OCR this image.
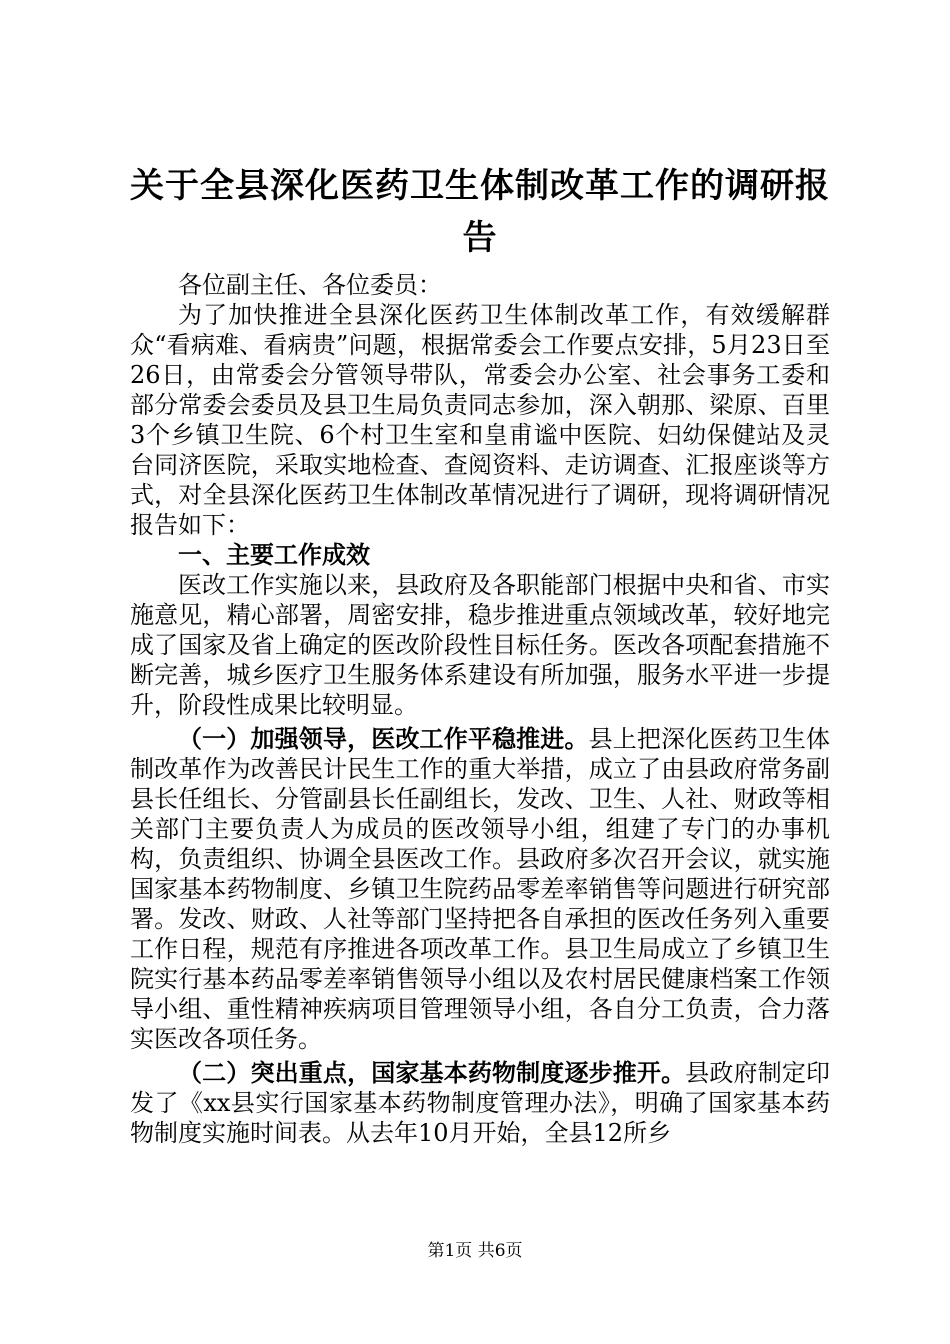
关于全县深化医药卫生体制改革工作的调研报
告

各位副主任、各位委员：

为了加快推进全县深化医药卫生体制改革工作，有效缓解群众“看病难、看病贵”问题，根据常委会工作要点安排，5月23日至26日，由常委会分管领导带队，常委会办公室、社会事务工委和部分常委会委员及县卫生局负责同志参加，深入朝那、梁原、百里3个乡镇卫生院、6个村卫生室和皇甫谧中医院、妇幼保健站及灵台同济医院，采取实地检查、查阅资料、走访调查、汇报座谈等方式，对全县深化医药卫生体制改革情况进行了调研，现将调研情况报告如下：

一、主要工作成效

医改工作实施以来，县政府及各职能部门根据中央和省、市实施意见，精心部署，周密安排，稳步推进重点领域改革，较好地完成了国家及省上确定的医改阶段性目标任务。医改各项配套措施不断完善，城乡医疗卫生服务体系建设有所加强，服务水平进一步提升，阶段性成果比较明显。

（一）加强领导，医改工作平稳推进。县上把深化医药卫生体制改革作为改善民计民生工作的重大举措，成立了由县政府常务副县长任组长、分管副县长任副组长，发改、卫生、人社、财政等相关部门主要负责人为成员的医改领导小组，组建了专门的办事机构，负责组织、协调全县医改工作。县政府多次召开会议，就实施国家基本药物制度、乡镇卫生院药品零差率销售等问题进行研究部署。发改、财政、人社等部门坚持把各自承担的医改任务列入重要工作日程，规范有序推进各项改革工作。县卫生局成立了乡镇卫生院实行基本药品零差率销售领导小组以及农村居民健康档案工作领导小组、重性精神疾病项目管理领导小组，各自分工负责，合力落实医改各项任务。

（二）突出重点，国家基本药物制度逐步推开。县政府制定印发了《xx县实行国家基本药物制度管理办法》，明确了国家基本药物制度实施时间表。从去年10月开始，全县12所乡

第1页 共6页
